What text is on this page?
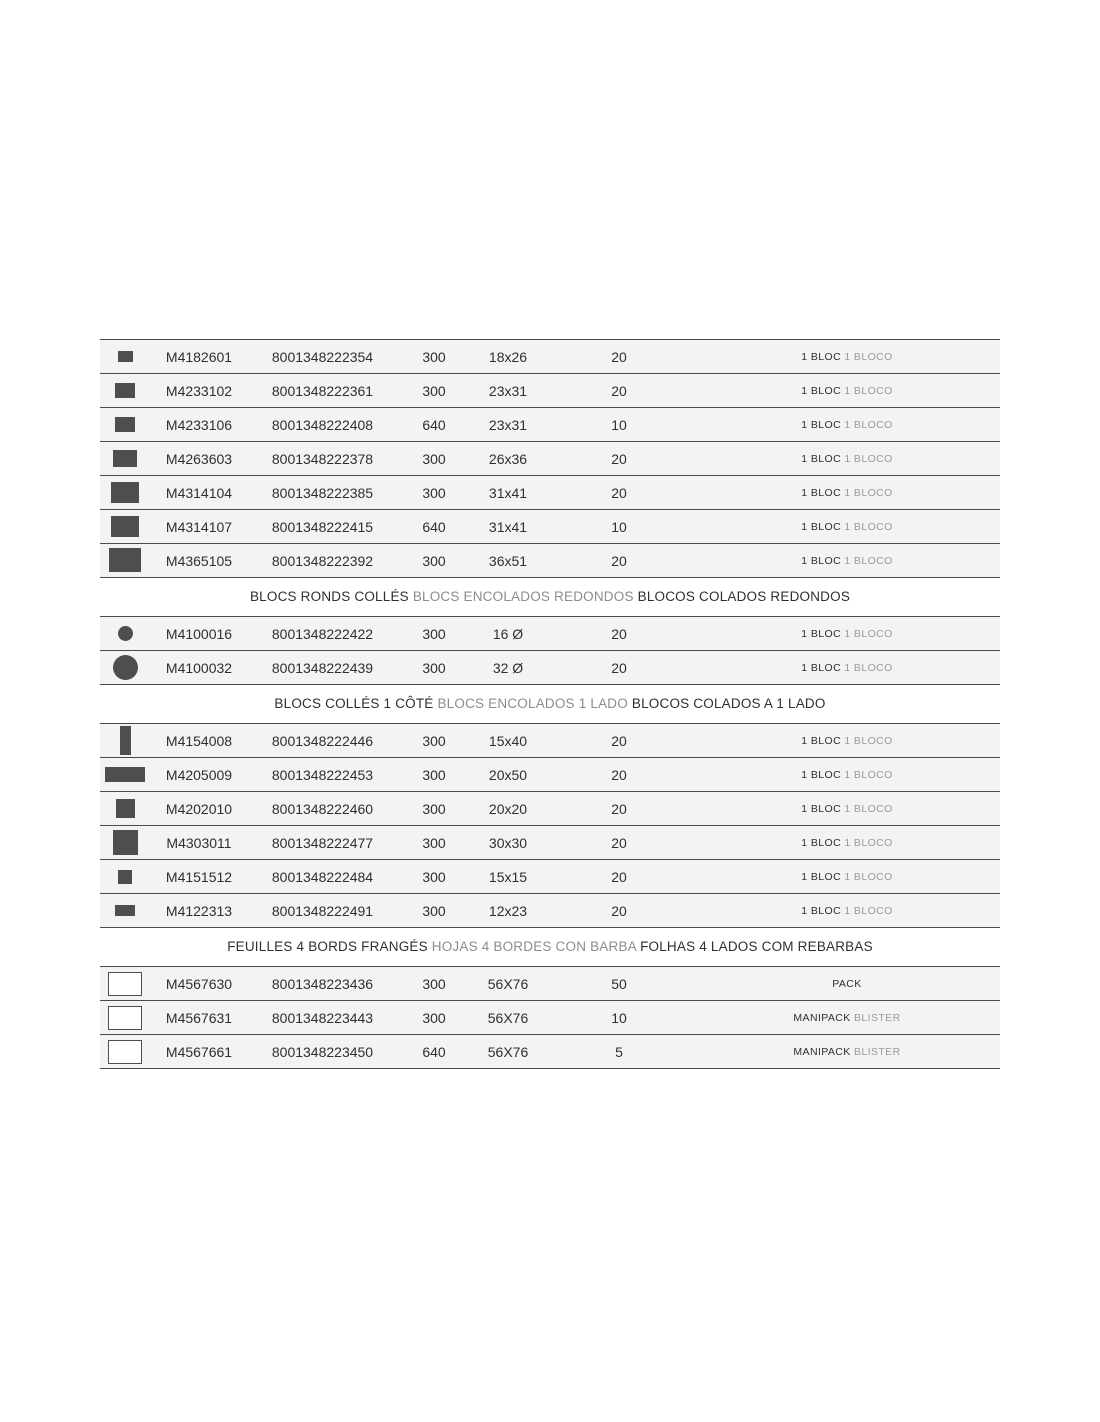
M4182601	8001348222354	300	18x26	20	1 BLOC 1 BLOCO
M4233102	8001348222361	300	23x31	20	1 BLOC 1 BLOCO
M4233106	8001348222408	640	23x31	10	1 BLOC 1 BLOCO
M4263603	8001348222378	300	26x36	20	1 BLOC 1 BLOCO
M4314104	8001348222385	300	31x41	20	1 BLOC 1 BLOCO
M4314107	8001348222415	640	31x41	10	1 BLOC 1 BLOCO
M4365105	8001348222392	300	36x51	20	1 BLOC 1 BLOCO
BLOCS RONDS COLLÉS BLOCS ENCOLADOS REDONDOS BLOCOS COLADOS REDONDOS
M4100016	8001348222422	300	16 Ø	20	1 BLOC 1 BLOCO
M4100032	8001348222439	300	32 Ø	20	1 BLOC 1 BLOCO
BLOCS COLLÉS 1 CÔTÉ BLOCS ENCOLADOS 1 LADO BLOCOS COLADOS A 1 LADO
M4154008	8001348222446	300	15x40	20	1 BLOC 1 BLOCO
M4205009	8001348222453	300	20x50	20	1 BLOC 1 BLOCO
M4202010	8001348222460	300	20x20	20	1 BLOC 1 BLOCO
M4303011	8001348222477	300	30x30	20	1 BLOC 1 BLOCO
M4151512	8001348222484	300	15x15	20	1 BLOC 1 BLOCO
M4122313	8001348222491	300	12x23	20	1 BLOC 1 BLOCO
FEUILLES 4 BORDS FRANGÉS HOJAS 4 BORDES CON BARBA FOLHAS 4 LADOS COM REBARBAS
M4567630	8001348223436	300	56X76	50	PACK
M4567631	8001348223443	300	56X76	10	MANIPACK BLISTER
M4567661	8001348223450	640	56X76	5	MANIPACK BLISTER
